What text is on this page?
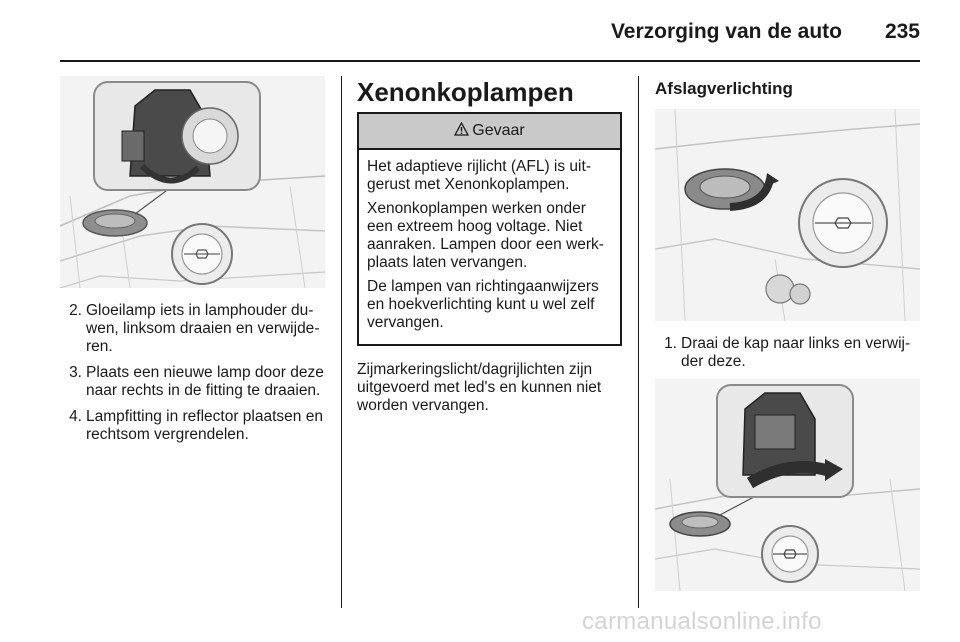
Verzorging van de auto 235
2. Gloeilamp iets in lamphouder duwen, linksom draaien en verwijderen.
3. Plaats een nieuwe lamp door deze naar rechts in de fitting te draaien.
4. Lampfitting in reflector plaatsen en rechtsom vergrendelen.
Xenonkoplampen
Gevaar

Het adaptieve rijlicht (AFL) is uitgerust met Xenonkoplampen.

Xenonkoplampen werken onder een extreem hoog voltage. Niet aanraken. Lampen door een werkplaats laten vervangen.

De lampen van richtingaanwijzers en hoekverlichting kunt u wel zelf vervangen.

Zijmarkeringslicht/dagrijlichten zijn uitgevoerd met led's en kunnen niet worden vervangen.
Afslagverlichting
1. Draai de kap naar links en verwijder deze.
carmanualsonline.info
